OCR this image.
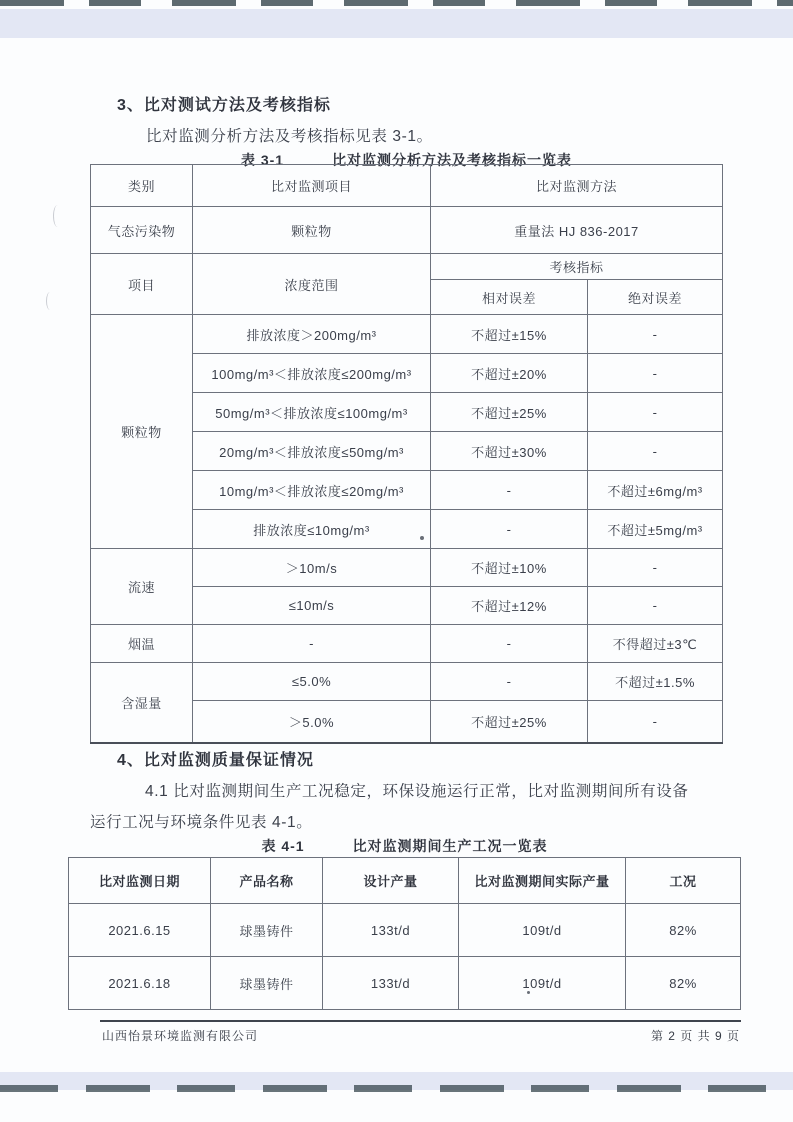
3、比对测试方法及考核指标
比对监测分析方法及考核指标见表 3-1。
表 3-1	比对监测分析方法及考核指标一览表
类别	比对监测项目	比对监测方法	
气态污染物	颗粒物	重量法 HJ 836-2017	
项目	浓度范围	考核指标	
		相对误差	绝对误差
颗粒物	排放浓度＞200mg/m³	不超过±15%	-
	100mg/m³＜排放浓度≤200mg/m³	不超过±20%	-
	50mg/m³＜排放浓度≤100mg/m³	不超过±25%	-
	20mg/m³＜排放浓度≤50mg/m³	不超过±30%	-
	10mg/m³＜排放浓度≤20mg/m³	-	不超过±6mg/m³
	排放浓度≤10mg/m³	-	不超过±5mg/m³
流速	＞10m/s	不超过±10%	-
	≤10m/s	不超过±12%	-
烟温	-	-	不得超过±3℃
含湿量	≤5.0%	-	不超过±1.5%
	＞5.0%	不超过±25%	-
4、比对监测质量保证情况
4.1 比对监测期间生产工况稳定，环保设施运行正常，比对监测期间所有设备
运行工况与环境条件见表 4-1。
表 4-1	比对监测期间生产工况一览表
比对监测日期	产品名称	设计产量	比对监测期间实际产量	工况
2021.6.15	球墨铸件	133t/d	109t/d	82%
2021.6.18	球墨铸件	133t/d	109t/d	82%
山西怡景环境监测有限公司	第 2 页 共 9 页
